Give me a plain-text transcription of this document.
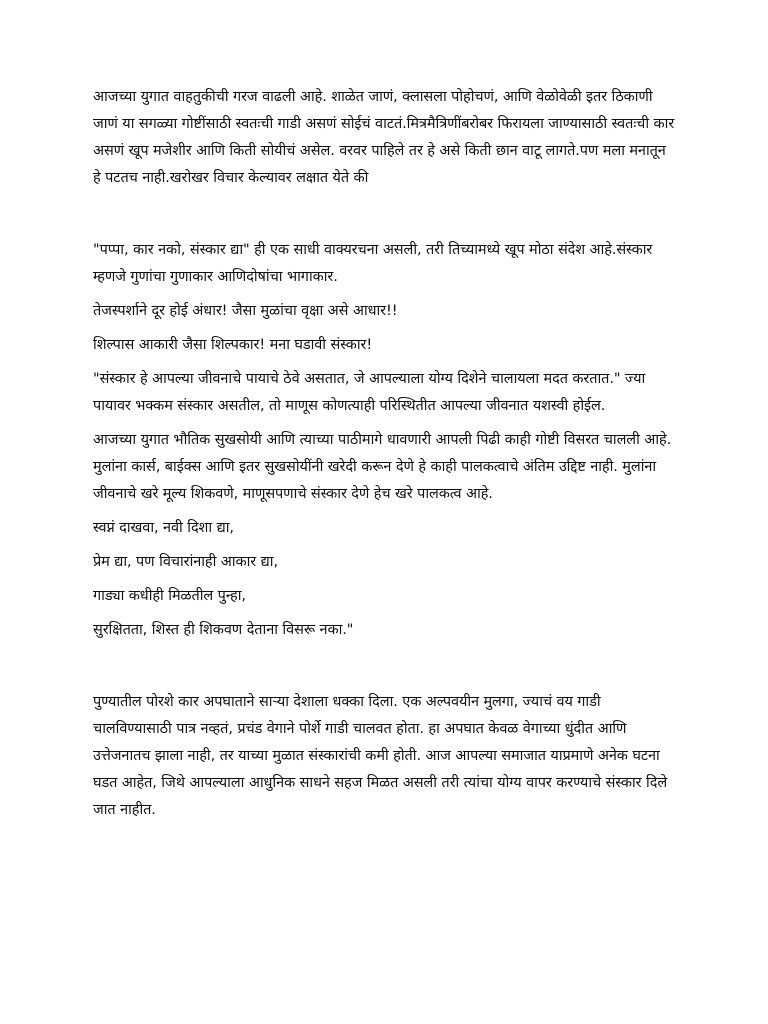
आजच्या युगात वाहतुकीची गरज वाढली आहे. शाळेत जाणं, क्लासला पोहोचणं, आणि वेळोवेळी इतर ठिकाणी जाणं या सगळ्या गोष्टींसाठी स्वतःची गाडी असणं सोईचं वाटतं.मित्रमैत्रिणींबरोबर फिरायला जाण्यासाठी स्वतःची कार असणं खूप मजेशीर आणि किती सोयीचं असेल. वरवर पाहिले तर हे असे किती छान वाटू लागते.पण मला मनातून हे पटतच नाही.खरोखर विचार केल्यावर लक्षात येते की

"पप्पा, कार नको, संस्कार द्या" ही एक साधी वाक्यरचना असली, तरी तिच्यामध्ये खूप मोठा संदेश आहे.संस्कार म्हणजे गुणांचा गुणाकार आणिदोषांचा भागाकार.

तेजस्पर्शाने दूर होई अंधार! जैसा मुळांचा वृक्षा असे आधार!!

शिल्पास आकारी जैसा शिल्पकार! मना घडावी संस्कार!

"संस्कार हे आपल्या जीवनाचे पायाचे ठेवे असतात, जे आपल्याला योग्य दिशेने चालायला मदत करतात." ज्या पायावर भक्कम संस्कार असतील, तो माणूस कोणत्याही परिस्थितीत आपल्या जीवनात यशस्वी होईल.

आजच्या युगात भौतिक सुखसोयी आणि त्याच्या पाठीमागे धावणारी आपली पिढी काही गोष्टी विसरत चालली आहे. मुलांना कार्स, बाईक्स आणि इतर सुखसोयींनी खरेदी करून देणे हे काही पालकत्वाचे अंतिम उद्दिष्ट नाही. मुलांना जीवनाचे खरे मूल्य शिकवणे, माणूसपणाचे संस्कार देणे हेच खरे पालकत्व आहे.

स्वप्नं दाखवा, नवी दिशा द्या,

प्रेम द्या, पण विचारांनाही आकार द्या,

गाड्या कधीही मिळतील पुन्हा,

सुरक्षितता, शिस्त ही शिकवण देताना विसरू नका."

पुण्यातील पोरशे कार अपघाताने साऱ्या देशाला धक्का दिला. एक अल्पवयीन मुलगा, ज्याचं वय गाडी चालविण्यासाठी पात्र नव्हतं, प्रचंड वेगाने पोर्शे गाडी चालवत होता. हा अपघात केवळ वेगाच्या धुंदीत आणि उत्तेजनातच झाला नाही, तर याच्या मुळात संस्कारांची कमी होती. आज आपल्या समाजात याप्रमाणे अनेक घटना घडत आहेत, जिथे आपल्याला आधुनिक साधने सहज मिळत असली तरी त्यांचा योग्य वापर करण्याचे संस्कार दिले जात नाहीत.
